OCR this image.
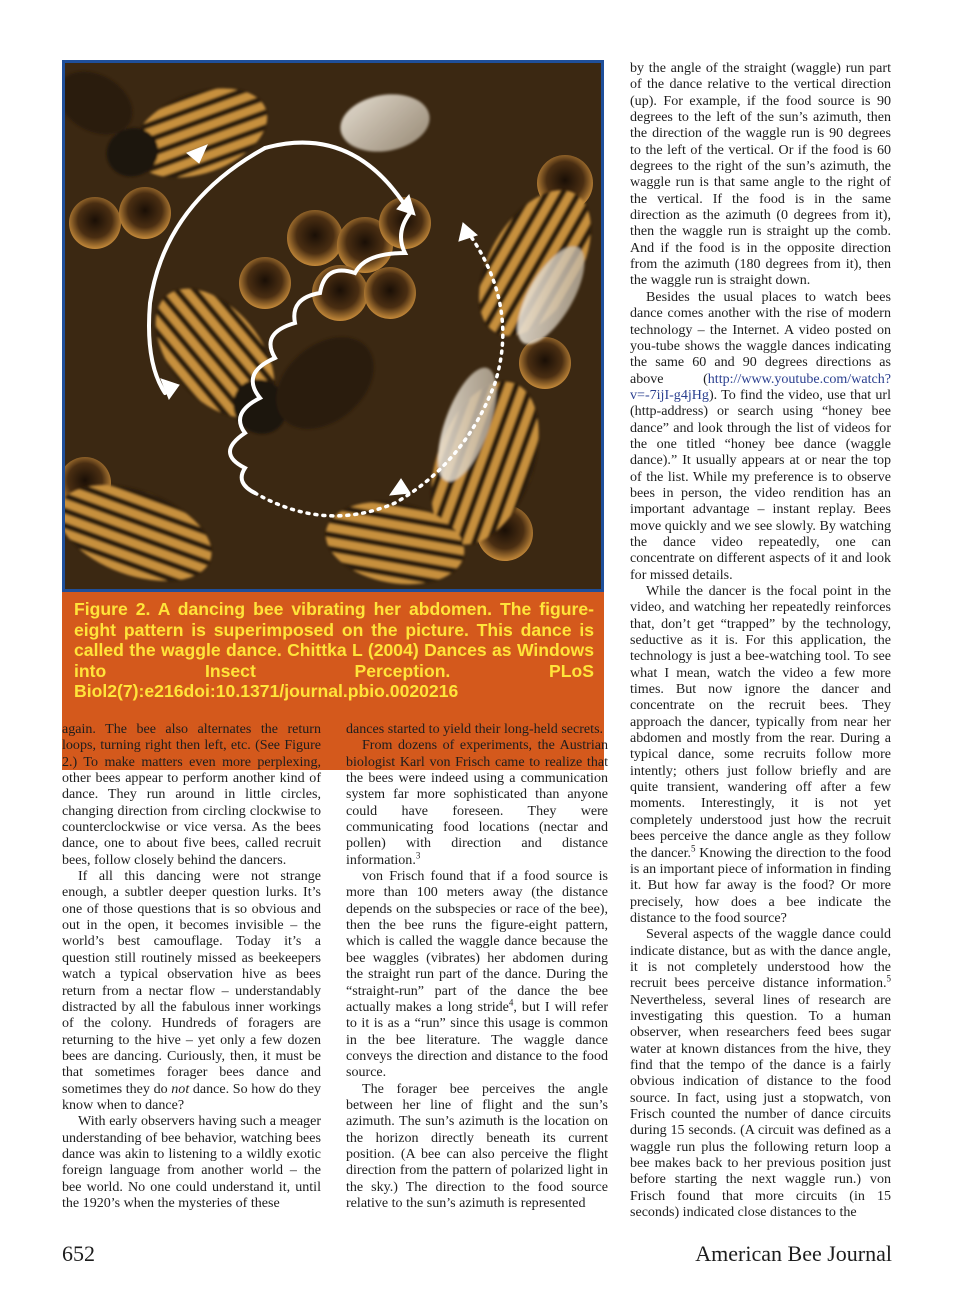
Figure 2. A dancing bee vibrating her abdomen. The figure-eight pattern is superimposed on the picture. This dance is called the waggle dance. Chittka L (2004) Dances as Windows into Insect Perception. PLoS Biol2(7):e216doi:10.1371/journal.pbio.0020216

again. The bee also alternates the return loops, turning right then left, etc. (See Figure 2.) To make matters even more perplexing, other bees appear to perform another kind of dance. They run around in little circles, changing direction from circling clockwise to counterclockwise or vice versa. As the bees dance, one to about five bees, called recruit bees, follow closely behind the dancers.

If all this dancing were not strange enough, a subtler deeper question lurks. It’s one of those questions that is so obvious and out in the open, it becomes invisible – the world’s best camouflage. Today it’s a question still routinely missed as beekeepers watch a typical observation hive as bees return from a nectar flow – understandably distracted by all the fabulous inner workings of the colony. Hundreds of foragers are returning to the hive – yet only a few dozen bees are dancing. Curiously, then, it must be that sometimes forager bees dance and sometimes they do not dance. So how do they know when to dance?

With early observers having such a meager understanding of bee behavior, watching bees dance was akin to listening to a wildly exotic foreign language from another world – the bee world. No one could understand it, until the 1920’s when the mysteries of these

dances started to yield their long-held secrets.

From dozens of experiments, the Austrian biologist Karl von Frisch came to realize that the bees were indeed using a communication system far more sophisticated than anyone could have foreseen. They were communicating food locations (nectar and pollen) with direction and distance information.$^3$

von Frisch found that if a food source is more than 100 meters away (the distance depends on the subspecies or race of the bee), then the bee runs the figure-eight pattern, which is called the waggle dance because the bee waggles (vibrates) her abdomen during the straight run part of the dance. During the “straight-run” part of the dance the bee actually makes a long stride$^4$, but I will refer to it is as a “run” since this usage is common in the bee literature. The waggle dance conveys the direction and distance to the food source.

The forager bee perceives the angle between her line of flight and the sun’s azimuth. The sun’s azimuth is the location on the horizon directly beneath its current position. (A bee can also perceive the flight direction from the pattern of polarized light in the sky.) The direction to the food source relative to the sun’s azimuth is represented

by the angle of the straight (waggle) run part of the dance relative to the vertical direction (up). For example, if the food source is 90 degrees to the left of the sun’s azimuth, then the direction of the waggle run is 90 degrees to the left of the vertical. Or if the food is 60 degrees to the right of the sun’s azimuth, the waggle run is that same angle to the right of the vertical. If the food is in the same direction as the azimuth (0 degrees from it), then the waggle run is straight up the comb. And if the food is in the opposite direction from the azimuth (180 degrees from it), then the waggle run is straight down.

Besides the usual places to watch bees dance comes another with the rise of modern technology – the Internet. A video posted on you-tube shows the waggle dances indicating the same 60 and 90 degrees directions as above (http://www.youtube.com/watch?v=-7ijI-g4jHg). To find the video, use that url (http-address) or search using “honey bee dance” and look through the list of videos for the one titled “honey bee dance (waggle dance).” It usually appears at or near the top of the list. While my preference is to observe bees in person, the video rendition has an important advantage – instant replay. Bees move quickly and we see slowly. By watching the dance video repeatedly, one can concentrate on different aspects of it and look for missed details.

While the dancer is the focal point in the video, and watching her repeatedly reinforces that, don’t get “trapped” by the technology, seductive as it is. For this application, the technology is just a bee-watching tool. To see what I mean, watch the video a few more times. But now ignore the dancer and concentrate on the recruit bees. They approach the dancer, typically from near her abdomen and mostly from the rear. During a typical dance, some recruits follow more intently; others just follow briefly and are quite transient, wandering off after a few moments. Interestingly, it is not yet completely understood just how the recruit bees perceive the dance angle as they follow the dancer.$^5$ Knowing the direction to the food is an important piece of information in finding it. But how far away is the food? Or more precisely, how does a bee indicate the distance to the food source?

Several aspects of the waggle dance could indicate distance, but as with the dance angle, it is not completely understood how the recruit bees perceive distance information.$^5$ Nevertheless, several lines of research are investigating this question. To a human observer, when researchers feed bees sugar water at known distances from the hive, they find that the tempo of the dance is a fairly obvious indication of distance to the food source. In fact, using just a stopwatch, von Frisch counted the number of dance circuits during 15 seconds. (A circuit was defined as a waggle run plus the following return loop a bee makes back to her previous position just before starting the next waggle run.) von Frisch found that more circuits (in 15 seconds) indicated close distances to the

652	American Bee Journal
